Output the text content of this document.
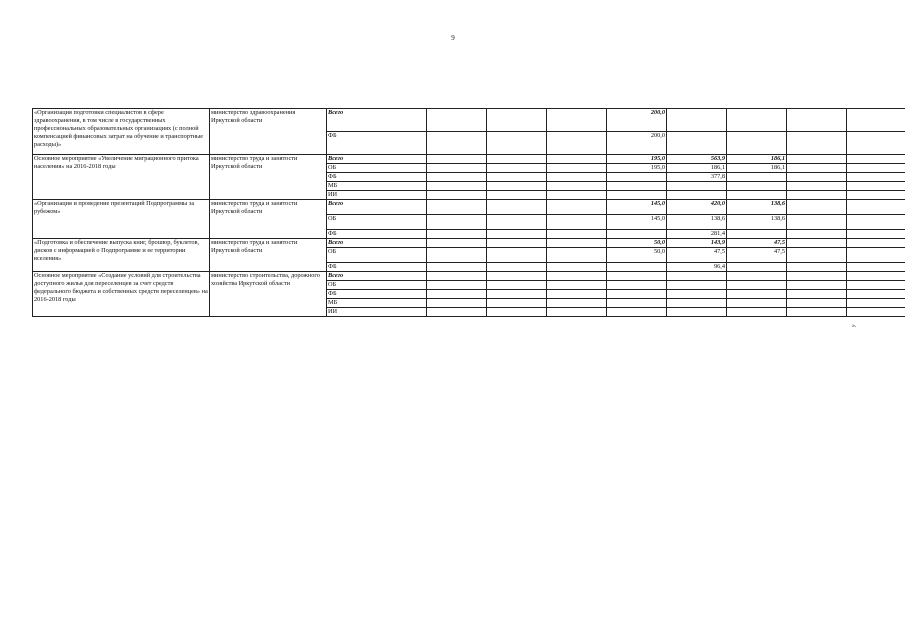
9
«Организация подготовки специалистов в сфере здравоохранения, в том числе в государственных профессиональных образовательных организациях (с полной компенсацией финансовых затрат на обучение и транспортные расходы)»	министерство здравоохранения Иркутской области	Всего				200,0				
		ФБ				200,0				
Основное мероприятие «Увеличение миграционного притока населения» на 2016-2018 годы	министерство труда и занятости Иркутской области	Всего				195,0	563,9	186,1		
		ОБ				195,0	186,1	186,1		
		ФБ					377,8			
		МБ								
		ИИ								
«Организация и проведение презентаций Подпрограммы за рубежом»	министерство труда и занятости Иркутской области	Всего				145,0	420,0	138,6		
		ОБ				145,0	138,6	138,6		
		ФБ					281,4			
«Подготовка и обеспечение выпуска книг, брошюр, буклетов, дисков с информацией о Подпрограмме и ее территории вселения»	министерство труда и занятости Иркутской области	Всего				50,0	143,9	47,5		
		ОБ				50,0	47,5	47,5		
		ФБ					96,4			
Основное мероприятие «Создание условий для строительства доступного жилья для переселенцев за счет средств федерального бюджета и собственных средств переселенцев» на 2016-2018 годы	министерство строительства, дорожного хозяйства Иркутской области	Всего								
		ОБ								
		ФБ								
		МБ								
		ИИ								
».
